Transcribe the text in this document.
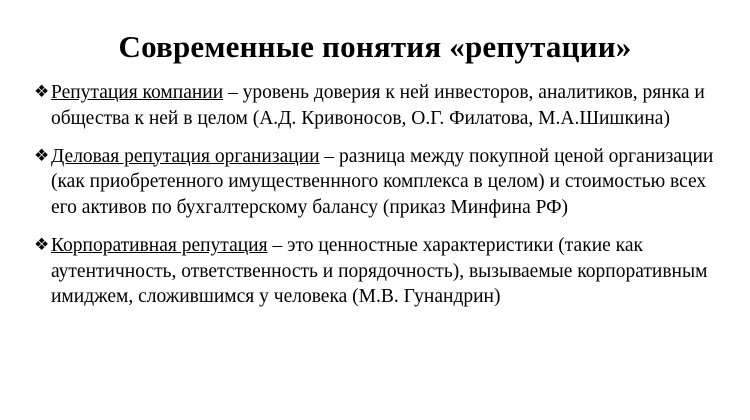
Современные понятия «репутации»
❖ Репутация компании – уровень доверия к ней инвесторов, аналитиков, рянка и общества к ней в целом (А.Д. Кривоносов, О.Г. Филатова, М.А.Шишкина)
❖ Деловая репутация организации – разница между покупной ценой организации (как приобретенного имущественнного комплекса в целом) и стоимостью всех его активов по бухгалтерскому балансу (приказ Минфина РФ)
❖ Корпоративная репутация – это ценностные характеристики (такие как аутентичность, ответственность и порядочность), вызываемые корпоративным имиджем, сложившимся у человека (М.В. Гунандрин)
